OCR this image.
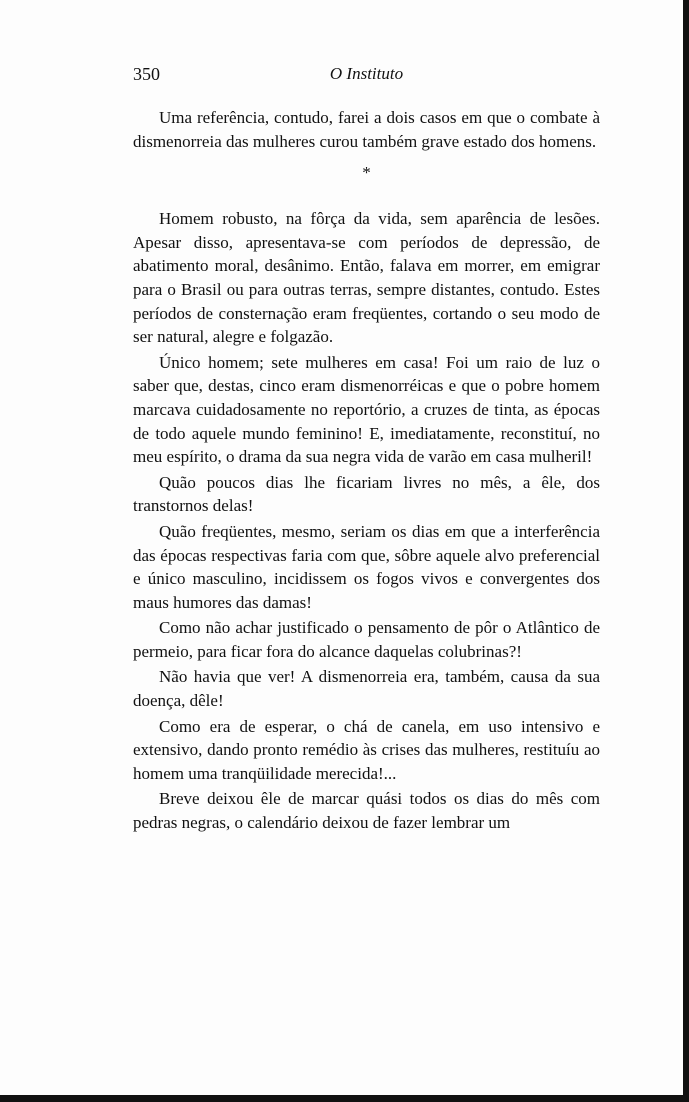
350	O Instituto

Uma referência, contudo, farei a dois casos em que o combate à dismenorreia das mulheres curou também grave estado dos homens.

*

Homem robusto, na fôrça da vida, sem aparência de lesões. Apesar disso, apresentava-se com períodos de depressão, de abatimento moral, desânimo. Então, falava em morrer, em emigrar para o Brasil ou para outras terras, sempre distantes, contudo. Estes períodos de consternação eram freqüentes, cortando o seu modo de ser natural, alegre e folgazão.

Único homem; sete mulheres em casa! Foi um raio de luz o saber que, destas, cinco eram dismenorréicas e que o pobre homem marcava cuidadosamente no reportório, a cruzes de tinta, as épocas de todo aquele mundo feminino! E, imediatamente, reconstituí, no meu espírito, o drama da sua negra vida de varão em casa mulheril!

Quão poucos dias lhe ficariam livres no mês, a êle, dos transtornos delas!

Quão freqüentes, mesmo, seriam os dias em que a interferência das épocas respectivas faria com que, sôbre aquele alvo preferencial e único masculino, incidissem os fogos vivos e convergentes dos maus humores das damas!

Como não achar justificado o pensamento de pôr o Atlântico de permeio, para ficar fora do alcance daquelas colubrinas?!

Não havia que ver! A dismenorreia era, também, causa da sua doença, dêle!

Como era de esperar, o chá de canela, em uso intensivo e extensivo, dando pronto remédio às crises das mulheres, restituíu ao homem uma tranqüilidade merecida!...

Breve deixou êle de marcar quási todos os dias do mês com pedras negras, o calendário deixou de fazer lembrar um
